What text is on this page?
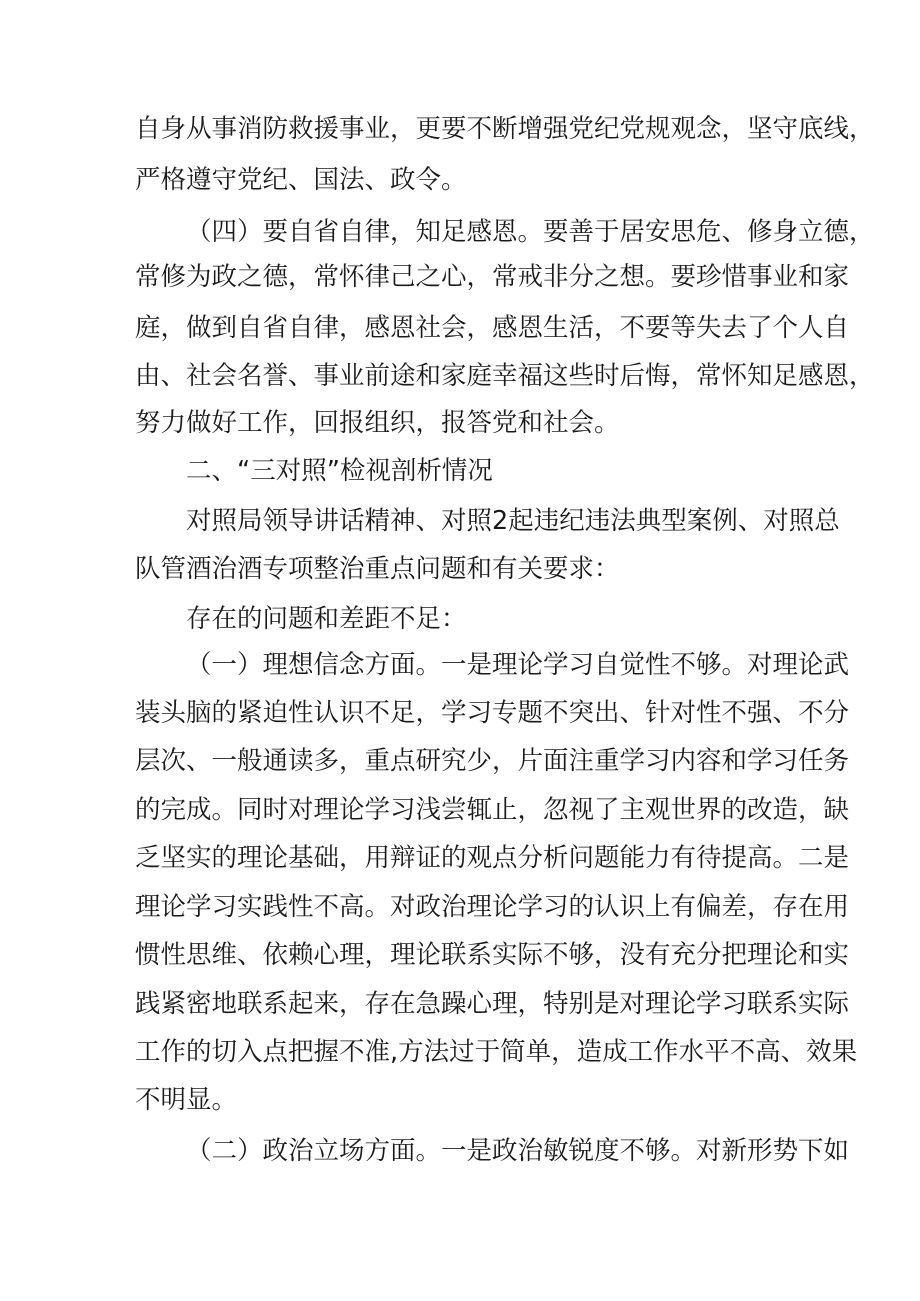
自身从事消防救援事业，更要不断增强党纪党规观念，坚守底线，
严格遵守党纪、国法、政令。
（四）要自省自律，知足感恩。要善于居安思危、修身立德，
常修为政之德，常怀律己之心，常戒非分之想。要珍惜事业和家
庭，做到自省自律，感恩社会，感恩生活，不要等失去了个人自
由、社会名誉、事业前途和家庭幸福这些时后悔，常怀知足感恩，
努力做好工作，回报组织，报答党和社会。
二、“三对照”检视剖析情况
对照局领导讲话精神、对照2起违纪违法典型案例、对照总
队管酒治酒专项整治重点问题和有关要求：
存在的问题和差距不足：
（一）理想信念方面。一是理论学习自觉性不够。对理论武
装头脑的紧迫性认识不足，学习专题不突出、针对性不强、不分
层次、一般通读多，重点研究少，片面注重学习内容和学习任务
的完成。同时对理论学习浅尝辄止，忽视了主观世界的改造，缺
乏坚实的理论基础，用辩证的观点分析问题能力有待提高。二是
理论学习实践性不高。对政治理论学习的认识上有偏差，存在用
惯性思维、依赖心理，理论联系实际不够，没有充分把理论和实
践紧密地联系起来，存在急躁心理，特别是对理论学习联系实际
工作的切入点把握不准,方法过于简单，造成工作水平不高、效果
不明显。
（二）政治立场方面。一是政治敏锐度不够。对新形势下如
